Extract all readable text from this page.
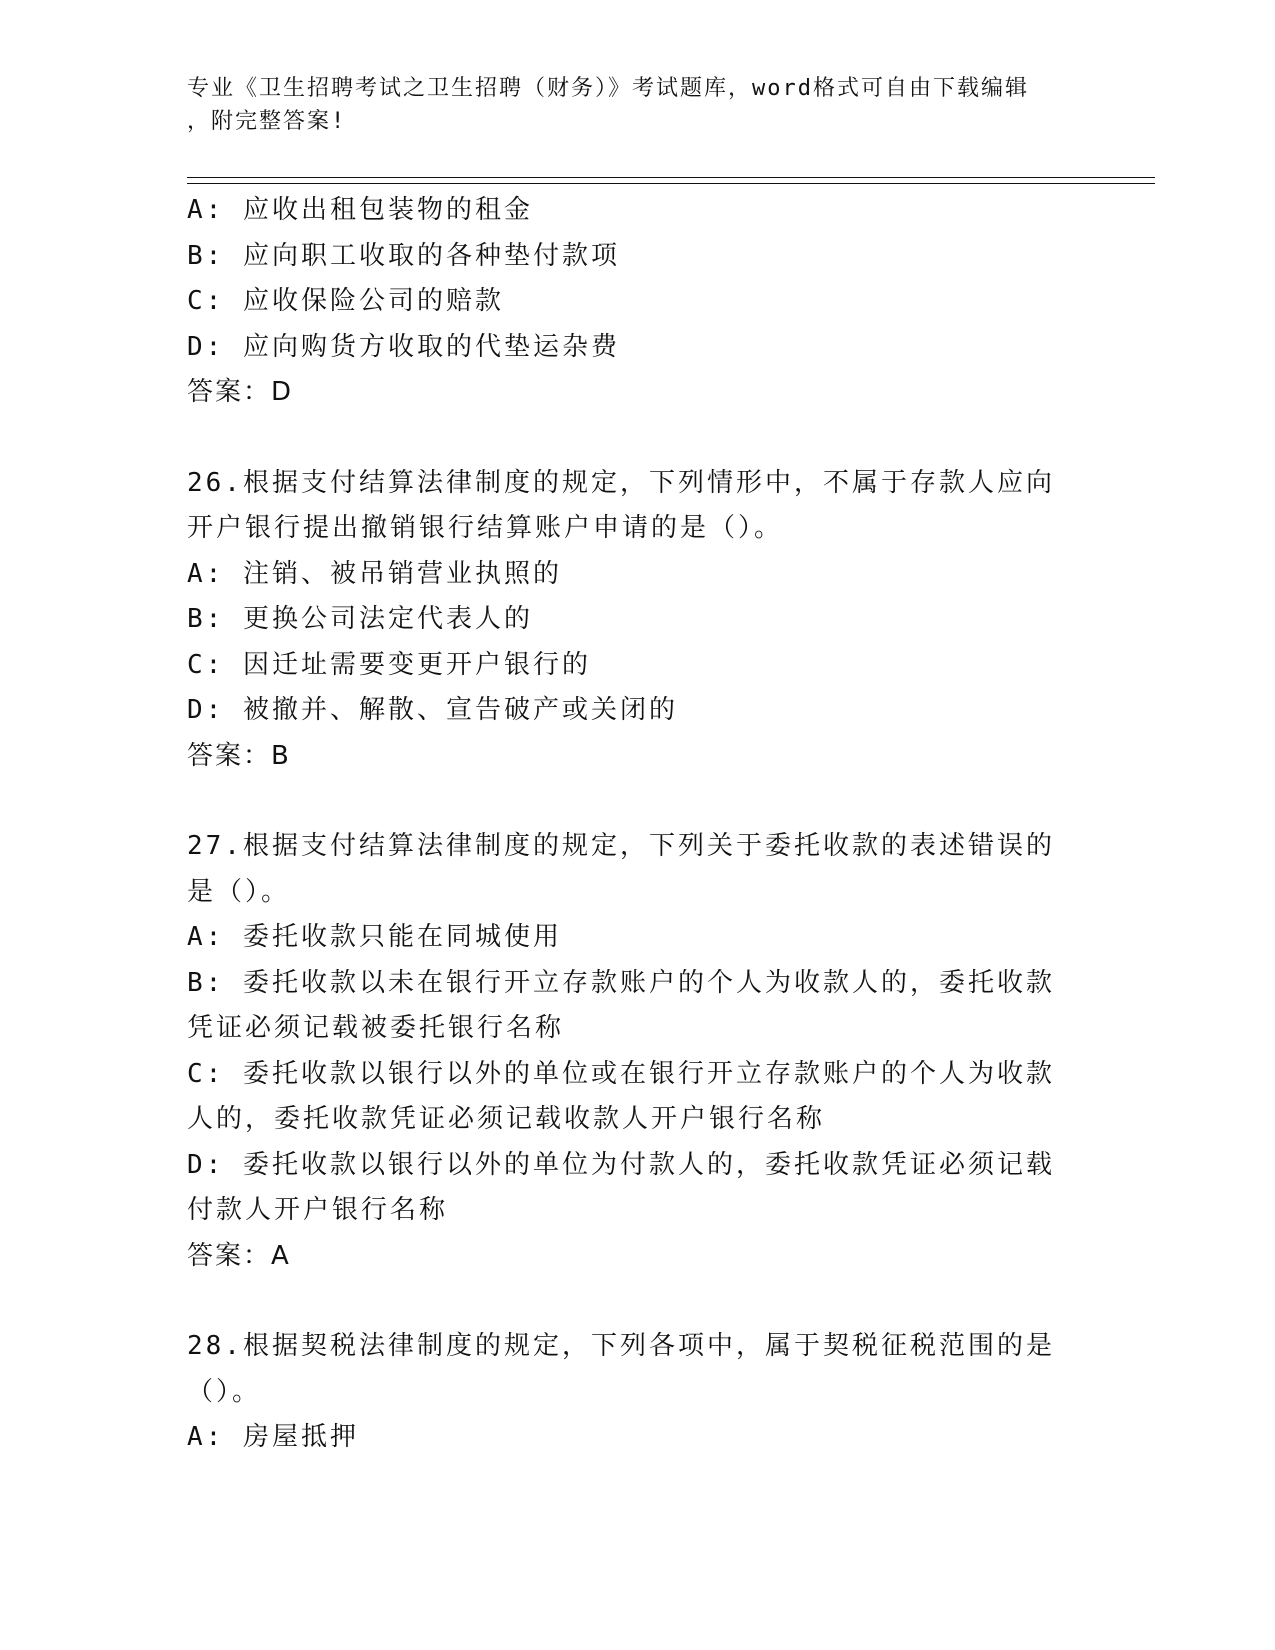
专业《卫生招聘考试之卫生招聘（财务）》考试题库，word格式可自由下载编辑
，附完整答案!

A: 应收出租包装物的租金

B: 应向职工收取的各种垫付款项

C: 应收保险公司的赔款

D: 应向购货方收取的代垫运杂费

答案：D

26.根据支付结算法律制度的规定，下列情形中，不属于存款人应向开户银行提出撤销银行结算账户申请的是（）。

A: 注销、被吊销营业执照的

B: 更换公司法定代表人的

C: 因迁址需要变更开户银行的

D: 被撤并、解散、宣告破产或关闭的

答案：B

27.根据支付结算法律制度的规定，下列关于委托收款的表述错误的是（）。

A: 委托收款只能在同城使用

B: 委托收款以未在银行开立存款账户的个人为收款人的，委托收款凭证必须记载被委托银行名称

C: 委托收款以银行以外的单位或在银行开立存款账户的个人为收款人的，委托收款凭证必须记载收款人开户银行名称

D: 委托收款以银行以外的单位为付款人的，委托收款凭证必须记载付款人开户银行名称

答案：A

28.根据契税法律制度的规定，下列各项中，属于契税征税范围的是（）。

A: 房屋抵押
